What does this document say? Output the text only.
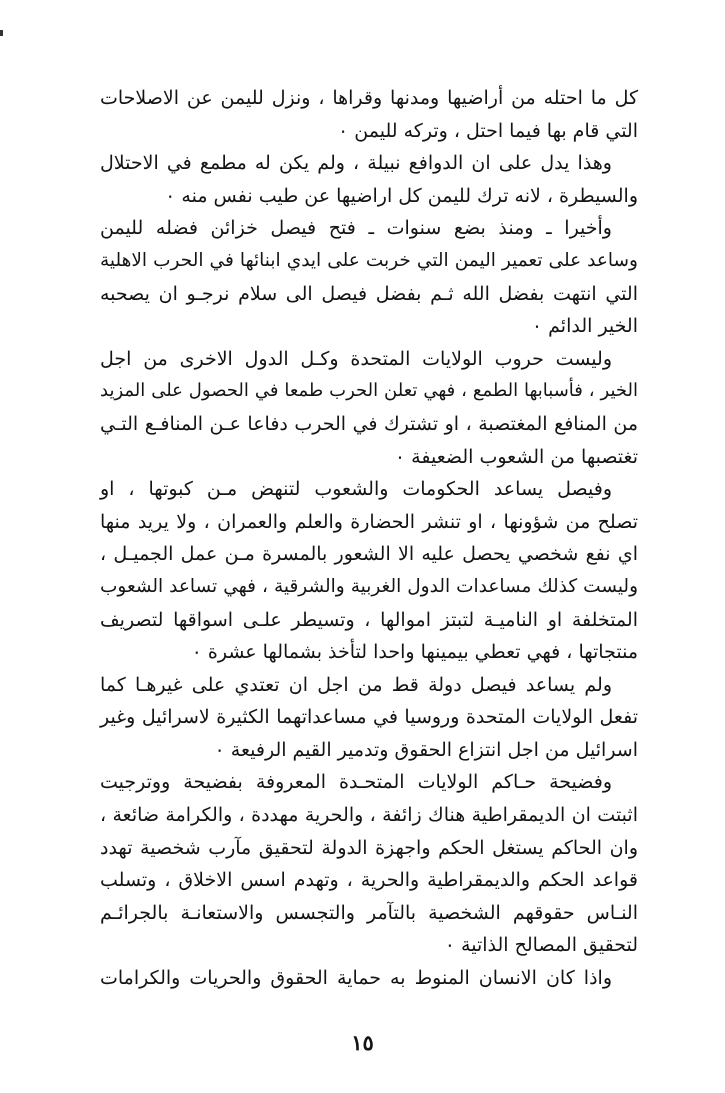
كل ما احتله من أراضيها ومدنها وقراها ، ونزل لليمن عن الاصلاحات
التي قام بها فيما احتل ، وتركه لليمن ٠
وهذا يدل على ان الدوافع نبيلة ، ولم يكن له مطمع في الاحتلال
والسيطرة ، لانه ترك لليمن كل اراضيها عن طيب نفس منه ٠
وأخيرا ـ ومنذ بضع سنوات ـ فتح فيصل خزائن فضله لليمن
وساعد على تعمير اليمن التي خربت على ايدي ابنائها في الحرب الاهلية
التي انتهت بفضل الله ثـم بفضل فيصل الى سلام نرجـو ان يصحبه
الخير الدائم ٠
وليست حروب الولايات المتحدة وكـل الدول الاخرى من اجل
الخير ، فأسبابها الطمع ، فهي تعلن الحرب طمعا في الحصول على المزيد
من المنافع المغتصبة ، او تشترك في الحرب دفاعا عـن المنافـع التـي
تغتصبها من الشعوب الضعيفة ٠
وفيصل يساعد الحكومات والشعوب لتنهض مـن كبوتها ، او
تصلح من شؤونها ، او تنشر الحضارة والعلم والعمران ، ولا يريد منها
اي نفع شخصي يحصل عليه الا الشعور بالمسرة مـن عمل الجميـل ،
وليست كذلك مساعدات الدول الغربية والشرقية ، فهي تساعد الشعوب
المتخلفة او الناميـة لتبتز اموالها ، وتسيطر علـى اسواقها لتصريف
منتجاتها ، فهي تعطي بيمينها واحدا لتأخذ بشمالها عشرة ٠
ولم يساعد فيصل دولة قط من اجل ان تعتدي على غيرهـا كما
تفعل الولايات المتحدة وروسيا في مساعداتهما الكثيرة لاسرائيل وغير
اسرائيل من اجل انتزاع الحقوق وتدمير القيم الرفيعة ٠
وفضيحة حـاكم الولايات المتحـدة المعروفة بفضيحة ووترجيت
اثبتت ان الديمقراطية هناك زائفة ، والحرية مهددة ، والكرامة ضائعة ،
وان الحاكم يستغل الحكم واجهزة الدولة لتحقيق مآرب شخصية تهدد
قواعد الحكم والديمقراطية والحرية ، وتهدم اسس الاخلاق ، وتسلب
النـاس حقوقهم الشخصية بالتآمر والتجسس والاستعانـة بالجرائـم
لتحقيق المصالح الذاتية ٠
واذا كان الانسان المنوط به حماية الحقوق والحريات والكرامات
١٥
